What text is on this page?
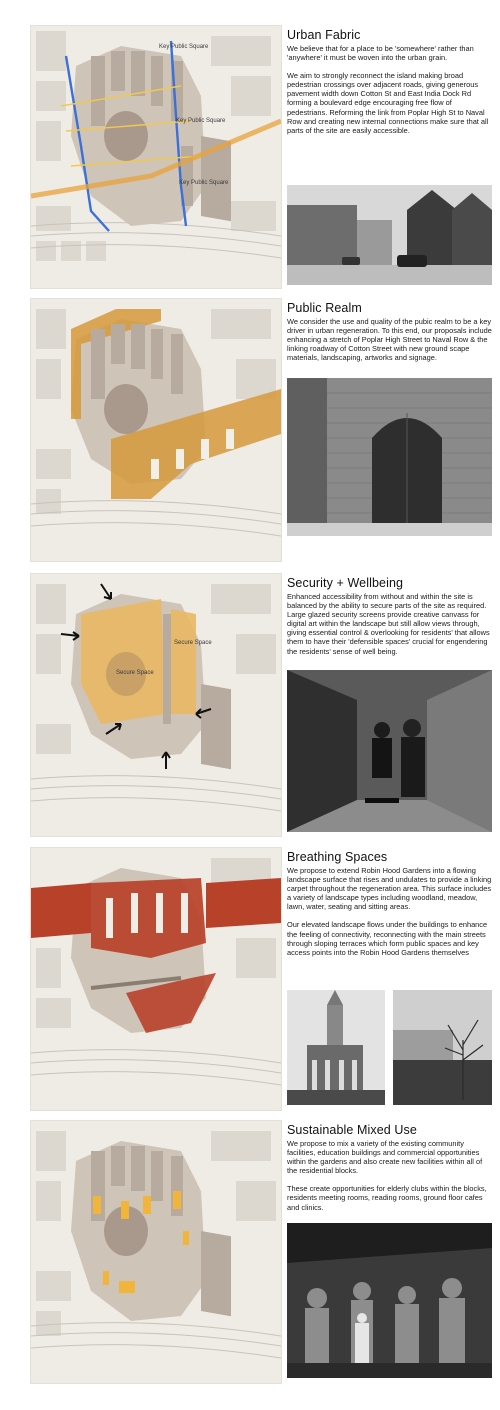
Key Public Square
Key Public Square
Key Public Square
Urban Fabric

We believe that for a place to be 'somewhere' rather than 'anywhere' it must be woven into the urban grain.

We aim to strongly reconnect the island making broad pedestrian crossings over adjacent roads, giving generous pavement width down Cotton St and East India Dock Rd forming a boulevard edge encouraging free flow of pedestrians. Reforming the link from Poplar High St to Naval Row and creating new internal connections make sure that all parts of the site are easily accessible.

Public Realm

We consider the use and quality of the pubic realm to be a key driver in urban regeneration. To this end, our proposals include enhancing a stretch of Poplar High Street to Naval Row & the linking roadway of Cotton Street with new ground scape materials, landscaping, artworks and signage.

Secure Space
Secure Space
Security + Wellbeing

Enhanced accessibility from without and within the site is balanced by the ability to secure parts of the site as required. Large glazed security screens provide creative canvass for digital art within the landscape but still allow views through, giving essential control & overlooking for residents' that allows them to have their 'defensible spaces' crucial for engendering the residents' sense of well being.

Breathing Spaces

We propose to extend Robin Hood Gardens into a flowing landscape surface that rises and undulates to provide a linking carpet throughout the regeneration area. This surface includes a variety of landscape types including woodland, meadow, lawn, water, seating and sitting areas.

Our elevated landscape flows under the buildings to enhance the feeling of connectivity, reconnecting with the main streets through sloping terraces which form public spaces and key access points into the Robin Hood Gardens themselves

Sustainable Mixed Use

We propose to mix a variety of the existing community facilities, education buildings and commercial opportunities within the gardens and also create new facilities within all of the residential blocks.

These create opportunities for elderly clubs within the blocks, residents meeting rooms, reading rooms, ground floor cafes and clinics.
